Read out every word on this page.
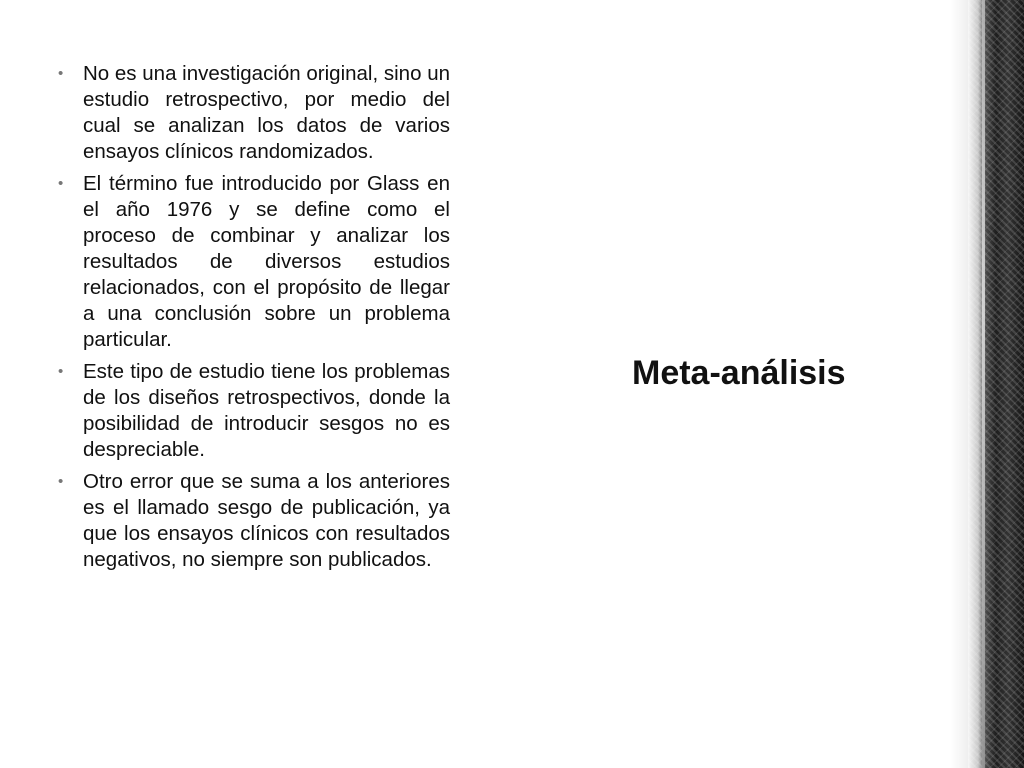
• No es una investigación original, sino un estudio retrospectivo, por medio del cual se analizan los datos de varios ensayos clínicos randomizados.
• El término fue introducido por Glass en el año 1976 y se define como el proceso de combinar y analizar los resultados de diversos estudios relacionados, con el propósito de llegar a una conclusión sobre un problema particular.
• Este tipo de estudio tiene los problemas de los diseños retrospectivos, donde la posibilidad de introducir sesgos no es despreciable.
• Otro error que se suma a los anteriores es el llamado sesgo de publicación, ya que los ensayos clínicos con resultados negativos, no siempre son publicados.
Meta-análisis
